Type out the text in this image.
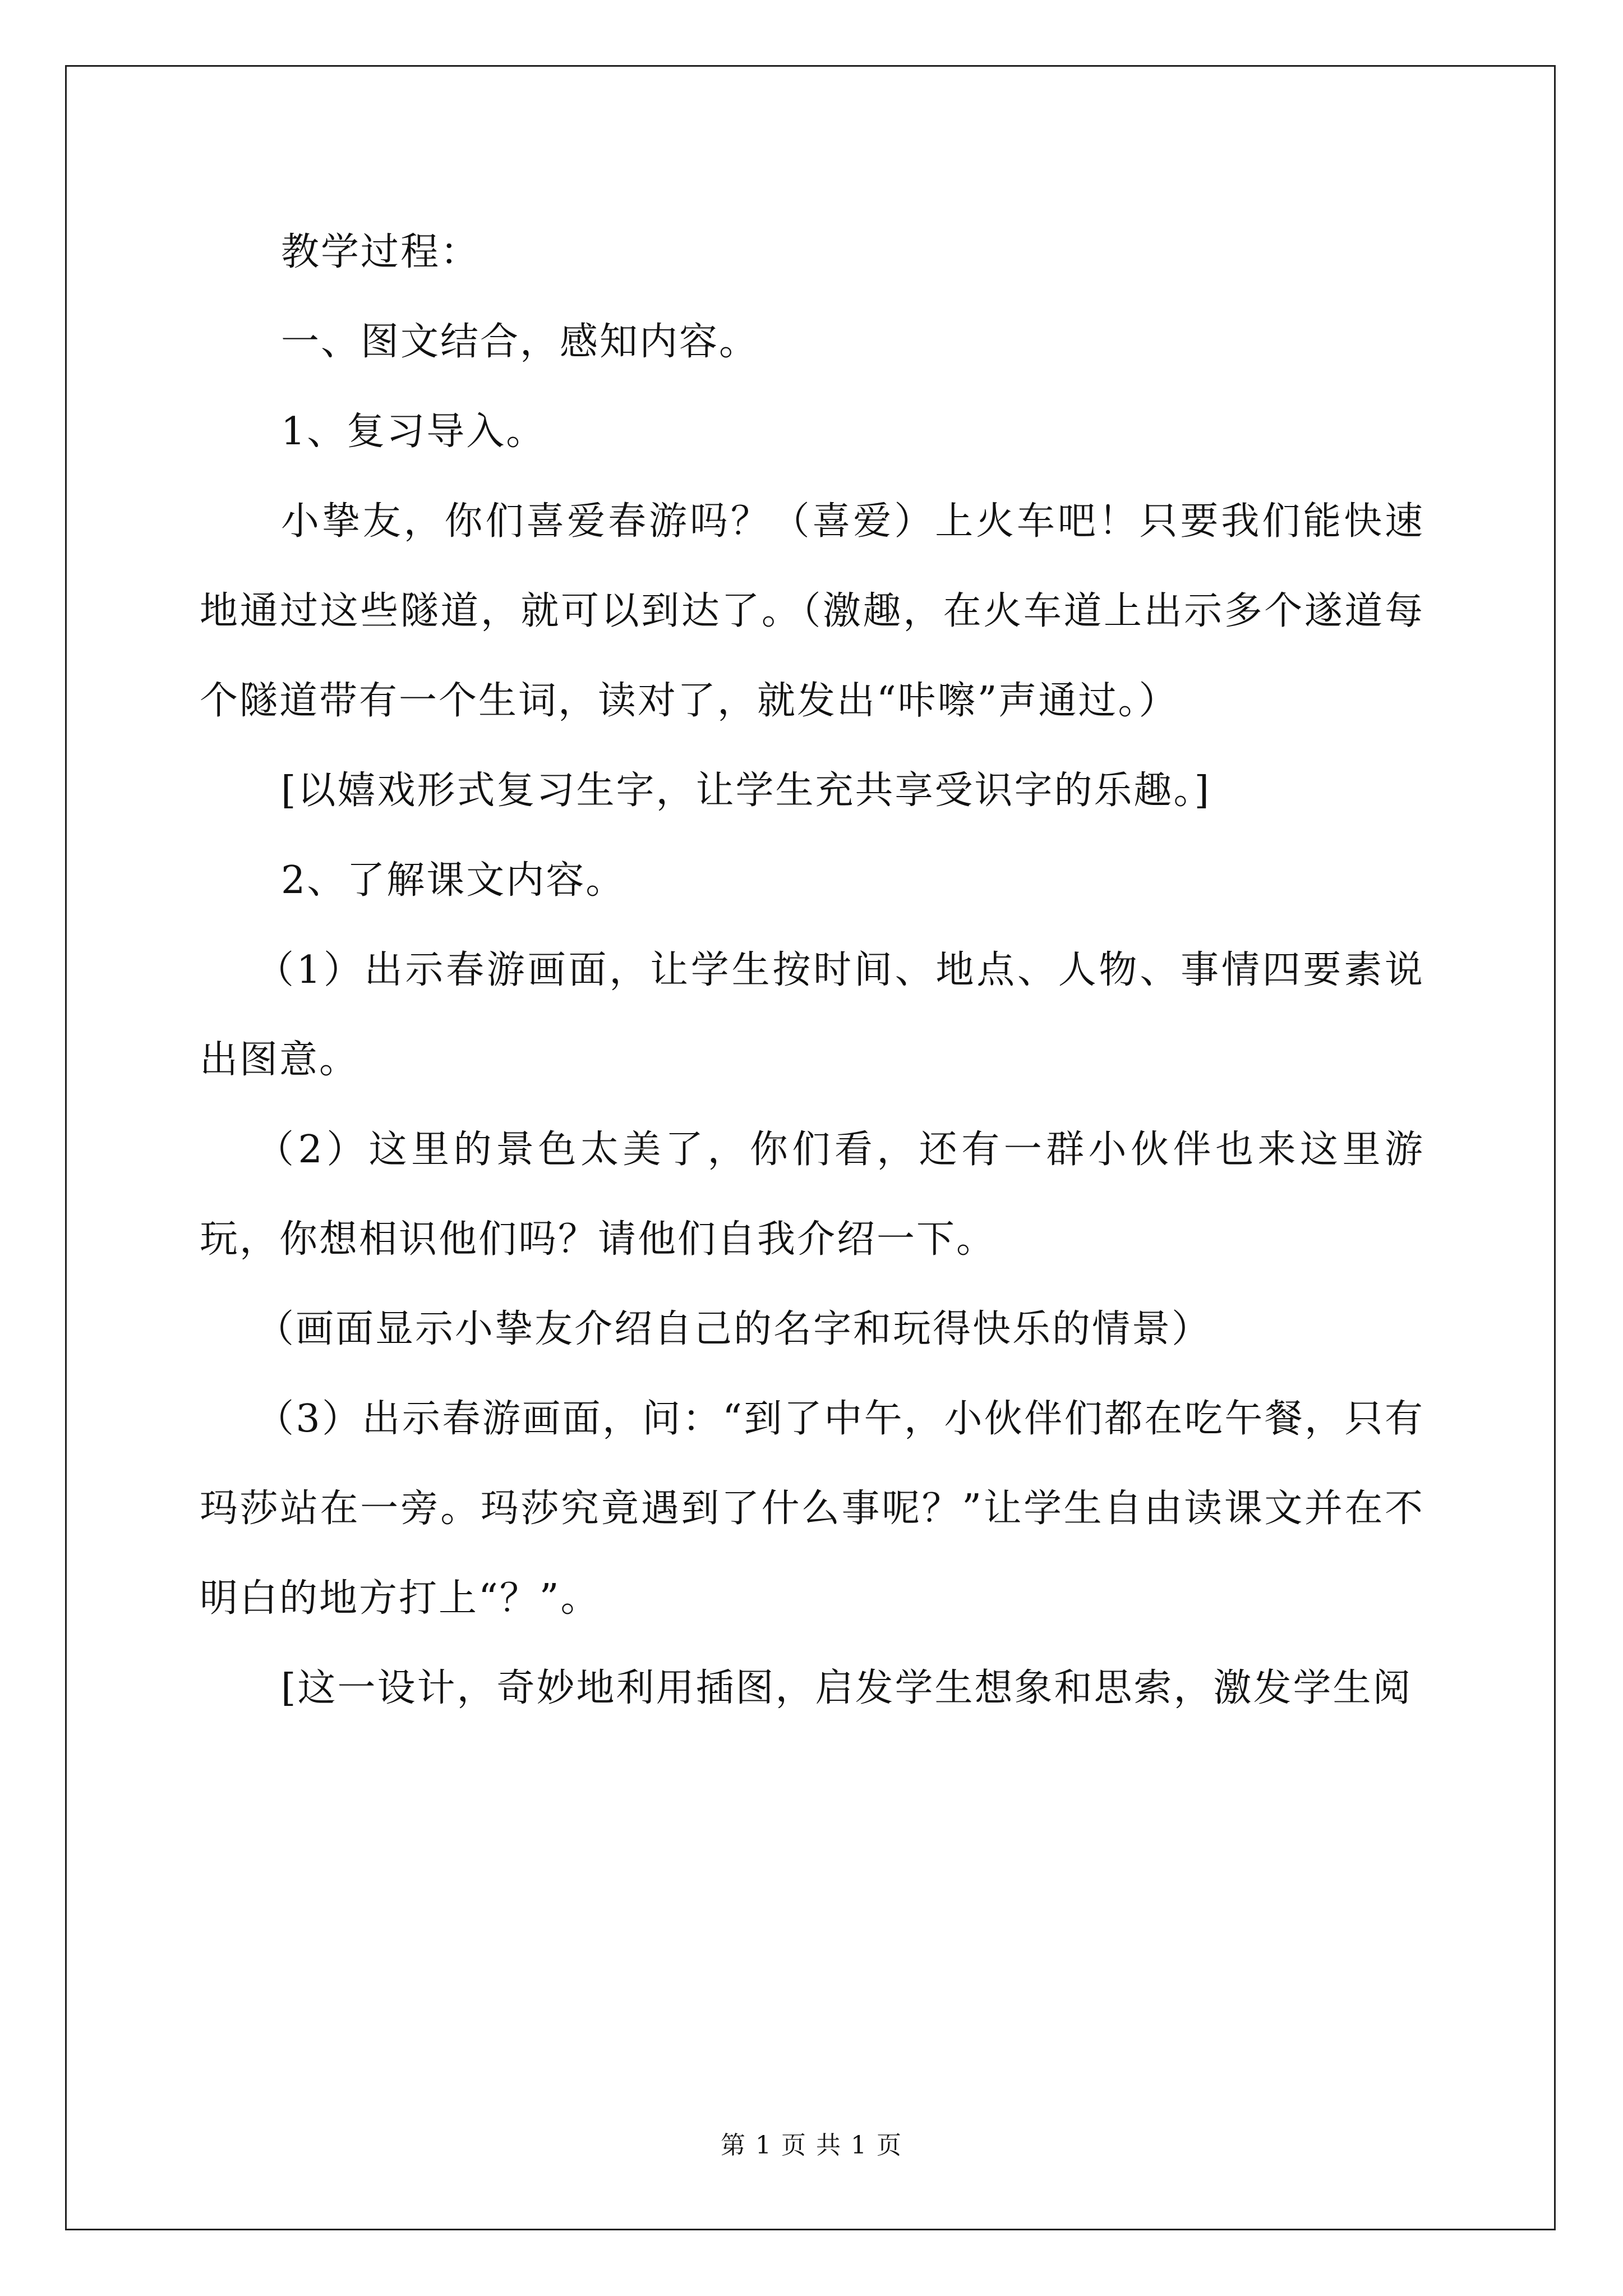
教学过程：

一、图文结合，感知内容。

1、复习导入。

小挚友，你们喜爱春游吗？（喜爱）上火车吧！只要我们能快速地通过这些隧道，就可以到达了。（激趣，在火车道上出示多个遂道每个隧道带有一个生词，读对了，就发出“咔嚓”声通过。）

[以嬉戏形式复习生字，让学生充共享受识字的乐趣。]

2、了解课文内容。

（1）出示春游画面，让学生按时间、地点、人物、事情四要素说出图意。

（2）这里的景色太美了，你们看，还有一群小伙伴也来这里游玩，你想相识他们吗？请他们自我介绍一下。

（画面显示小挚友介绍自己的名字和玩得快乐的情景）

（3）出示春游画面，问：“到了中午，小伙伴们都在吃午餐，只有玛莎站在一旁。玛莎究竟遇到了什么事呢？”让学生自由读课文并在不明白的地方打上“？”。

[这一设计，奇妙地利用插图，启发学生想象和思索，激发学生阅

第 1 页 共 1 页
